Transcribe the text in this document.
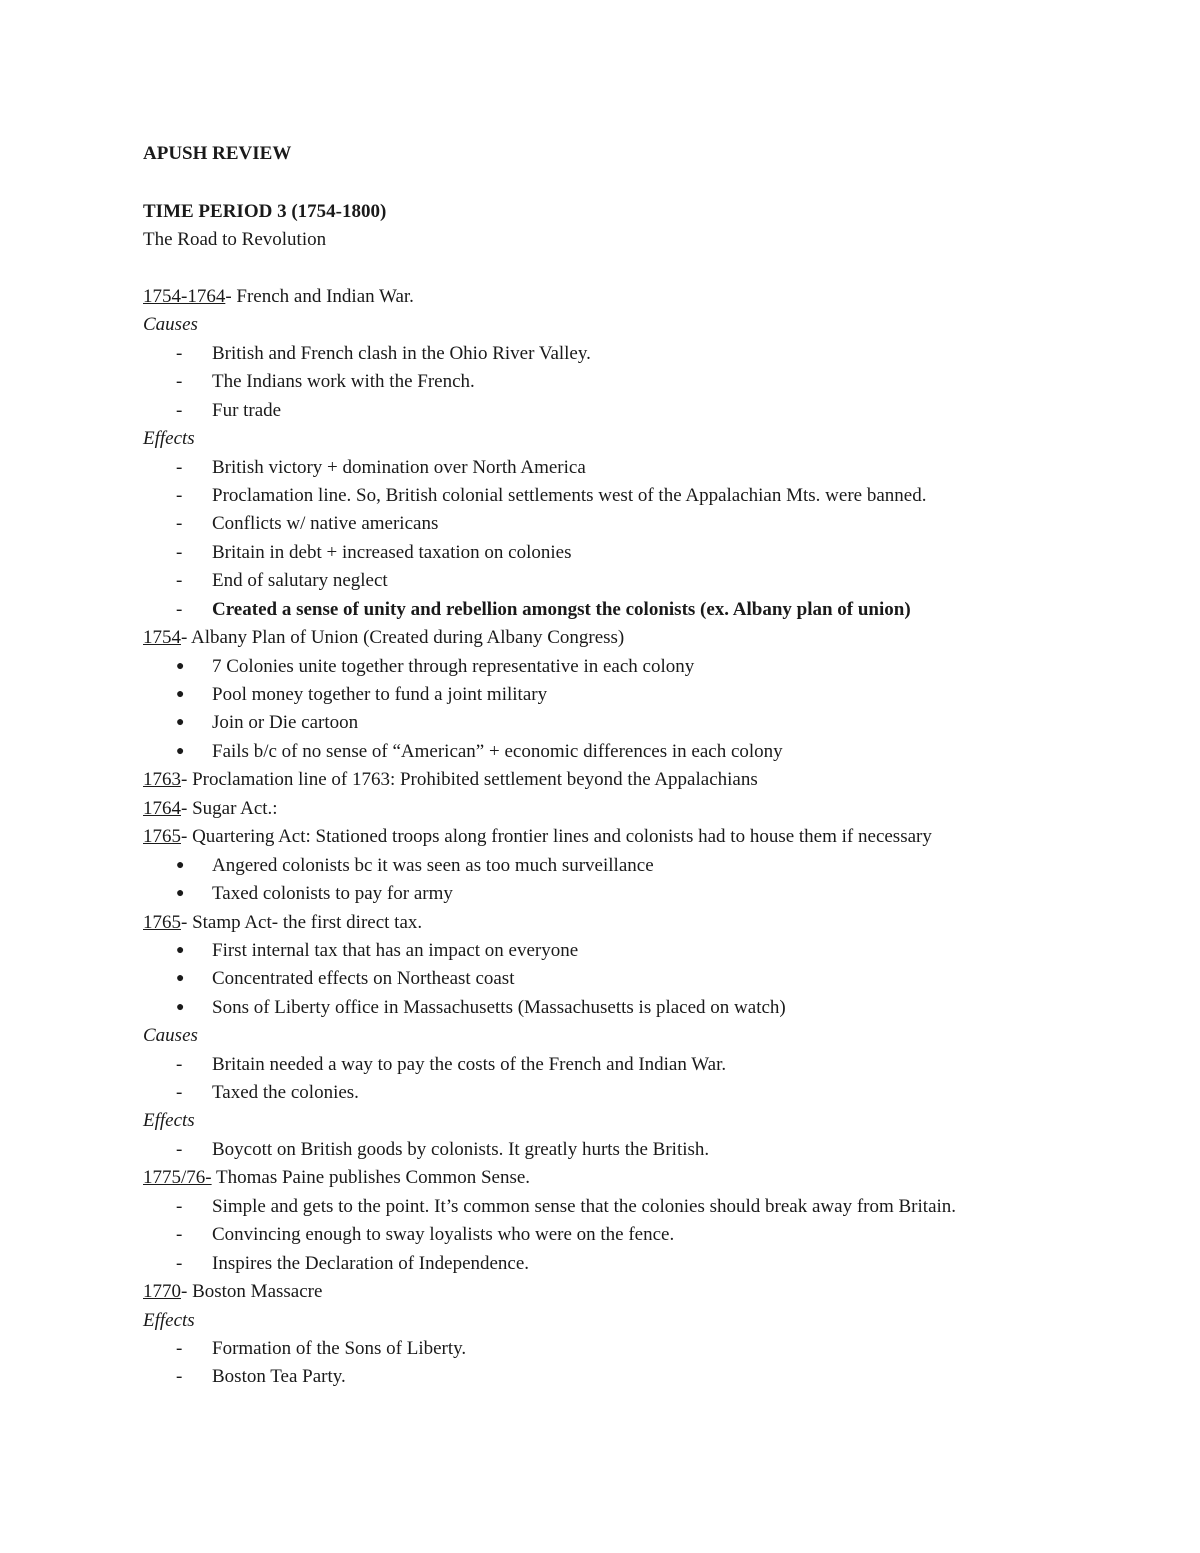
APUSH REVIEW
TIME PERIOD 3 (1754-1800)
The Road to Revolution
1754-1764- French and Indian War.
Causes
- British and French clash in the Ohio River Valley.
- The Indians work with the French.
- Fur trade
Effects
- British victory + domination over North America
- Proclamation line. So, British colonial settlements west of the Appalachian Mts. were banned.
- Conflicts w/ native americans
- Britain in debt + increased taxation on colonies
- End of salutary neglect
- Created a sense of unity and rebellion amongst the colonists (ex. Albany plan of union)
1754- Albany Plan of Union (Created during Albany Congress)
● 7 Colonies unite together through representative in each colony
● Pool money together to fund a joint military
● Join or Die cartoon
● Fails b/c of no sense of “American” + economic differences in each colony
1763- Proclamation line of 1763: Prohibited settlement beyond the Appalachians
1764- Sugar Act.:
1765- Quartering Act: Stationed troops along frontier lines and colonists had to house them if necessary
● Angered colonists bc it was seen as too much surveillance
● Taxed colonists to pay for army
1765- Stamp Act- the first direct tax.
● First internal tax that has an impact on everyone
● Concentrated effects on Northeast coast
● Sons of Liberty office in Massachusetts (Massachusetts is placed on watch)
Causes
- Britain needed a way to pay the costs of the French and Indian War.
- Taxed the colonies.
Effects
- Boycott on British goods by colonists. It greatly hurts the British.
1775/76- Thomas Paine publishes Common Sense.
- Simple and gets to the point. It’s common sense that the colonies should break away from Britain.
- Convincing enough to sway loyalists who were on the fence.
- Inspires the Declaration of Independence.
1770- Boston Massacre
Effects
- Formation of the Sons of Liberty.
- Boston Tea Party.
